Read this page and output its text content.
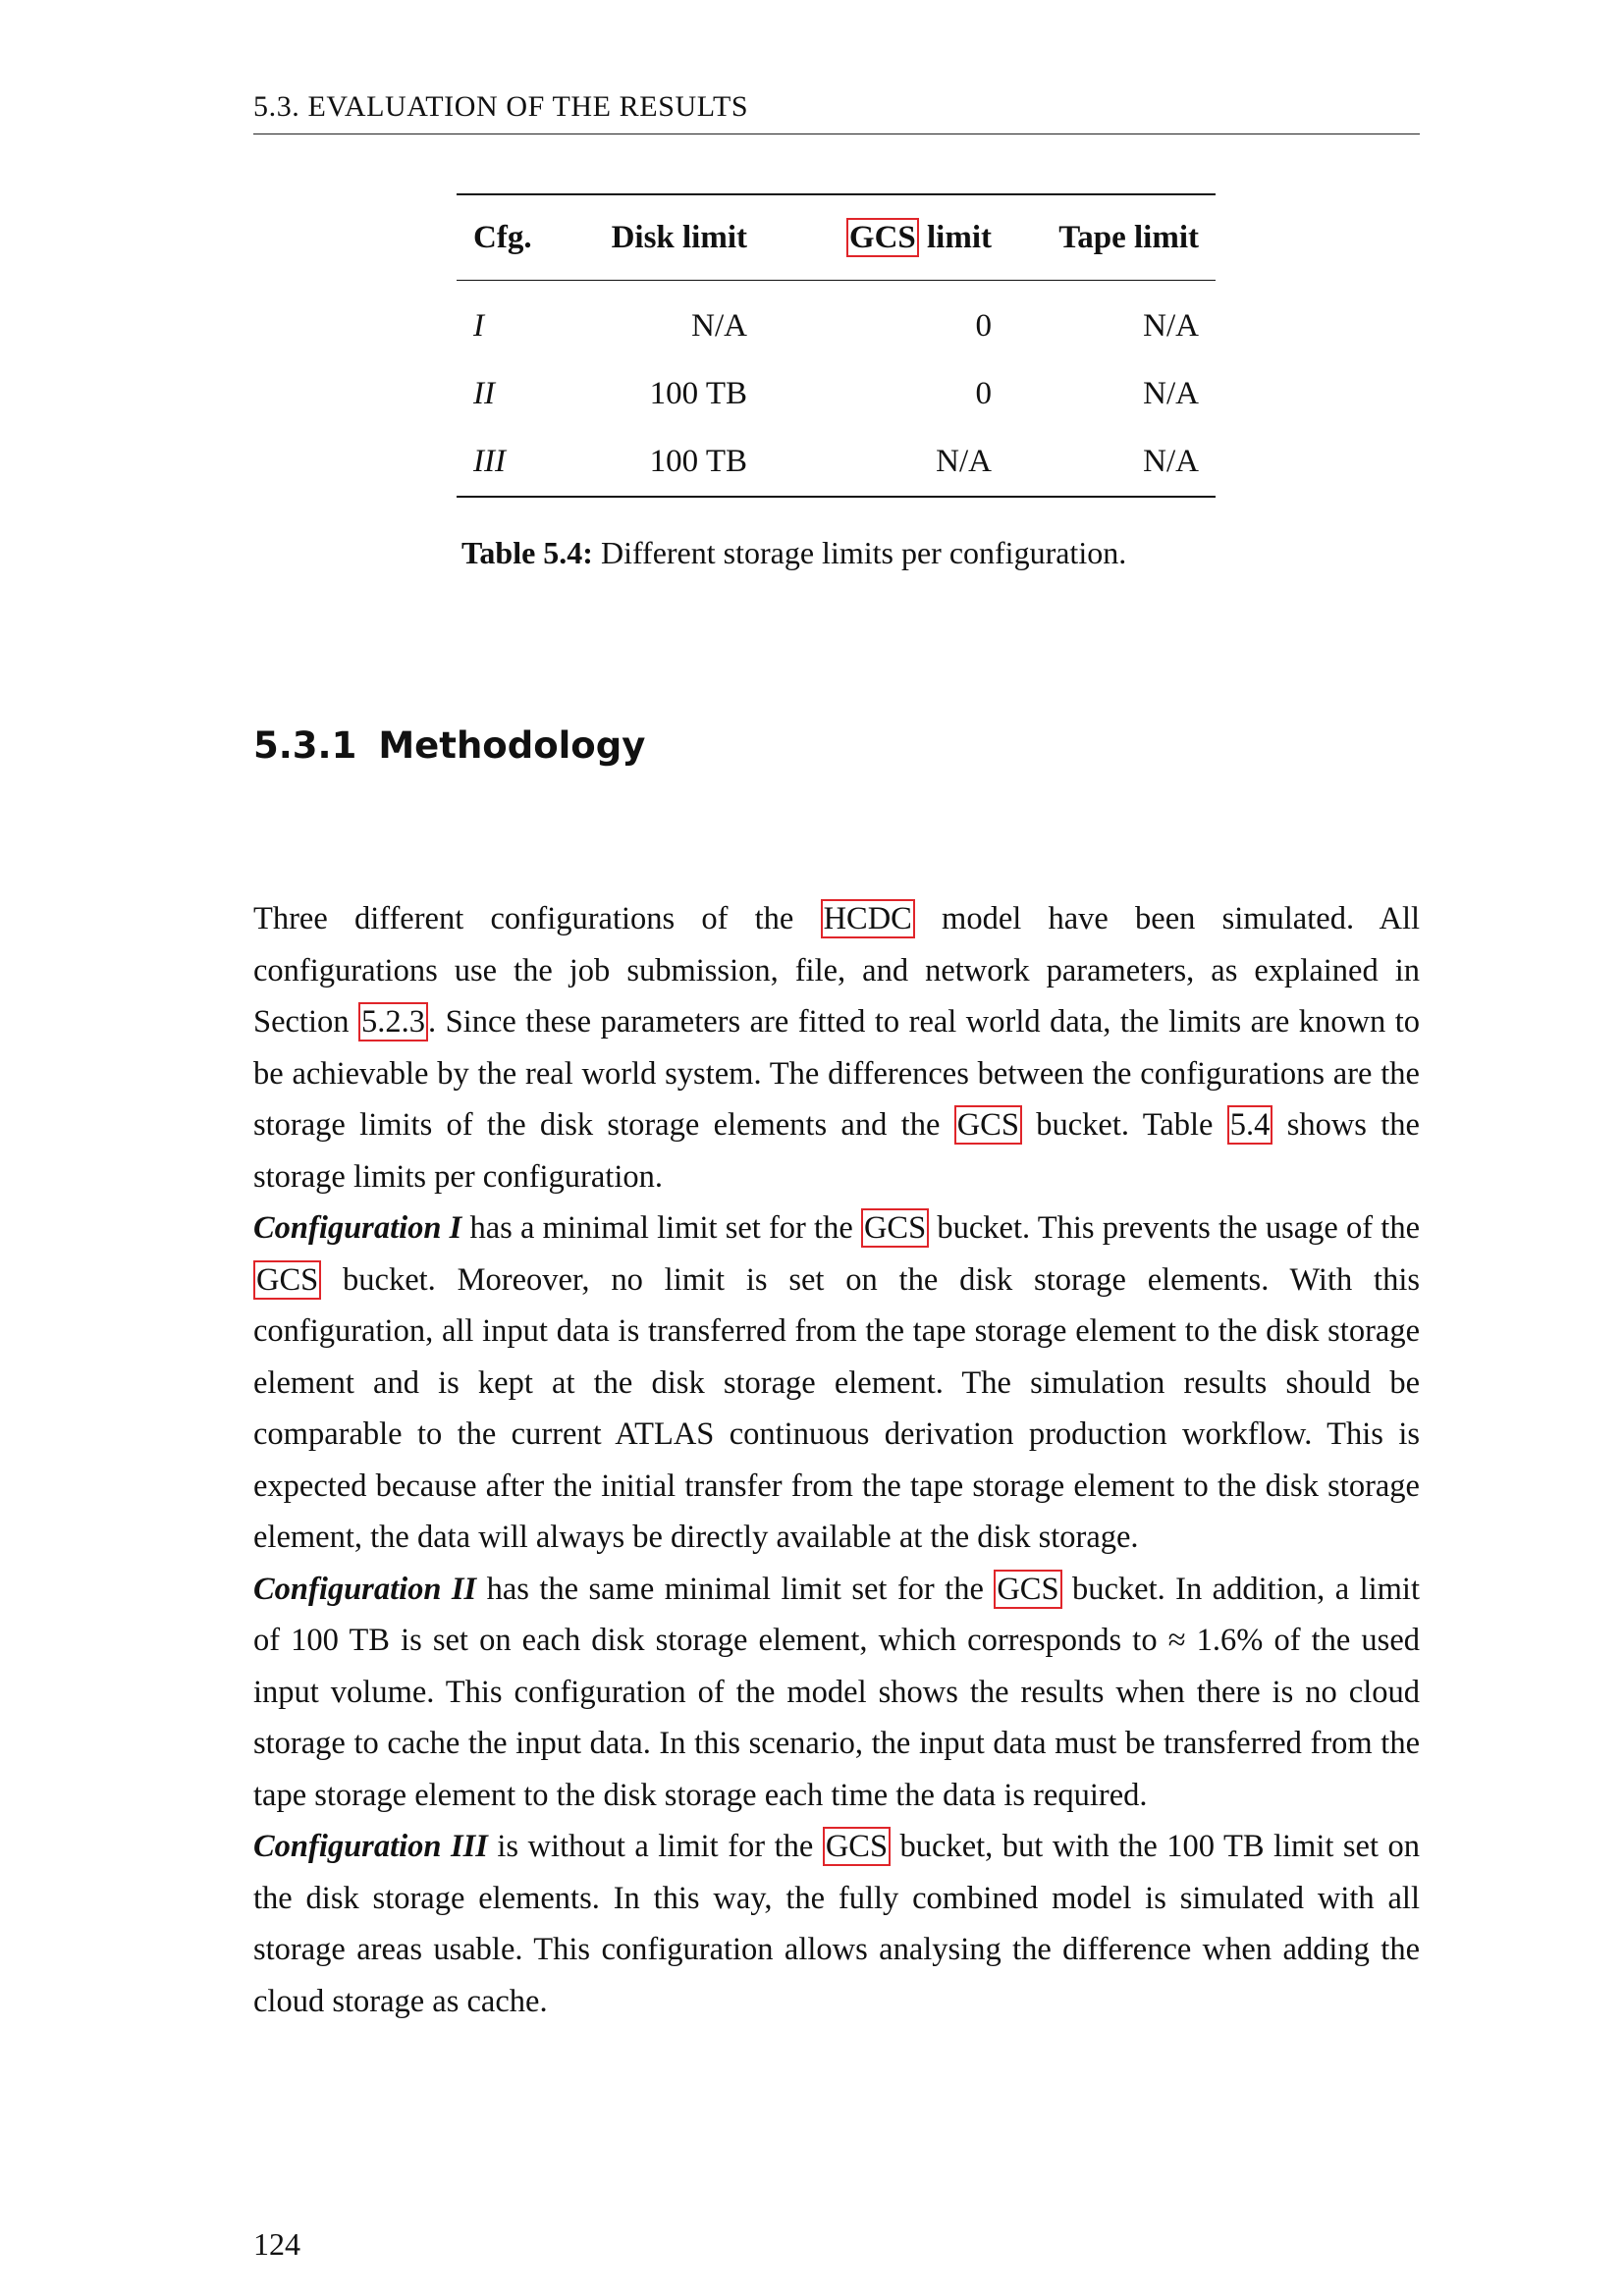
5.3. EVALUATION OF THE RESULTS
Cfg.	Disk limit	GCS limit	Tape limit
I	N/A	0	N/A
II	100 TB	0	N/A
III	100 TB	N/A	N/A
Table 5.4: Different storage limits per configuration.
5.3.1 Methodology

Three different configurations of the HCDC model have been simulated. All configurations use the job submission, file, and network parameters, as explained in Section 5.2.3. Since these parameters are fitted to real world data, the limits are known to be achievable by the real world system. The differences between the configurations are the storage limits of the disk storage elements and the GCS bucket. Table 5.4 shows the storage limits per configuration.

Configuration I has a minimal limit set for the GCS bucket. This prevents the usage of the GCS bucket. Moreover, no limit is set on the disk storage elements. With this configuration, all input data is transferred from the tape storage element to the disk storage element and is kept at the disk storage element. The simulation results should be comparable to the current ATLAS continuous derivation production workflow. This is expected because after the initial transfer from the tape storage element to the disk storage element, the data will always be directly available at the disk storage.

Configuration II has the same minimal limit set for the GCS bucket. In addition, a limit of 100 TB is set on each disk storage element, which corresponds to ≈ 1.6% of the used input volume. This configuration of the model shows the results when there is no cloud storage to cache the input data. In this scenario, the input data must be transferred from the tape storage element to the disk storage each time the data is required.

Configuration III is without a limit for the GCS bucket, but with the 100 TB limit set on the disk storage elements. In this way, the fully combined model is simulated with all storage areas usable. This configuration allows analysing the difference when adding the cloud storage as cache.

124
